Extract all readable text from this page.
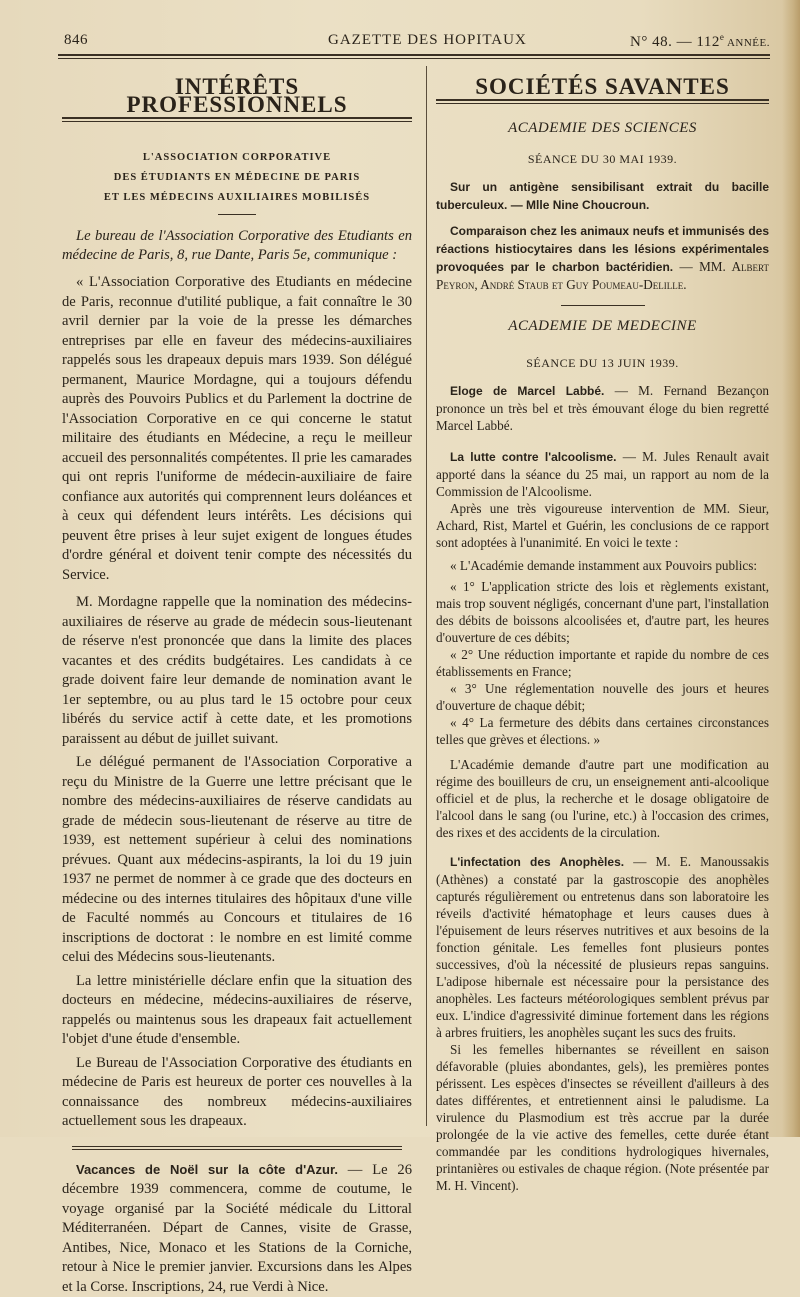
846	GAZETTE DES HOPITAUX	N° 48. — 112e ANNÉE.
INTÉRÊTS PROFESSIONNELS
L'ASSOCIATION CORPORATIVE
DES ÉTUDIANTS EN MÉDECINE DE PARIS
ET LES MÉDECINS AUXILIAIRES MOBILISÉS

Le bureau de l'Association Corporative des Etudiants en médecine de Paris, 8, rue Dante, Paris 5e, communique :

« L'Association Corporative des Etudiants en médecine de Paris, reconnue d'utilité publique, a fait connaître le 30 avril dernier par la voie de la presse les démarches entreprises par elle en faveur des médecins-auxiliaires rappelés sous les drapeaux depuis mars 1939. Son délégué permanent, Maurice Mordagne, qui a toujours défendu auprès des Pouvoirs Publics et du Parlement la doctrine de l'Association Corporative en ce qui concerne le statut militaire des étudiants en Médecine, a reçu le meilleur accueil des personnalités compétentes. Il prie les camarades qui ont repris l'uniforme de médecin-auxiliaire de faire confiance aux autorités qui comprennent leurs doléances et à ceux qui défendent leurs intérêts. Les décisions qui peuvent être prises à leur sujet exigent de longues études d'ordre général et doivent tenir compte des nécessités du Service.

M. Mordagne rappelle que la nomination des médecins-auxiliaires de réserve au grade de médecin sous-lieutenant de réserve n'est prononcée que dans la limite des places vacantes et des crédits budgétaires. Les candidats à ce grade doivent faire leur demande de nomination avant le 1er septembre, ou au plus tard le 15 octobre pour ceux libérés du service actif à cette date, et les promotions paraissent au début de juillet suivant.

Le délégué permanent de l'Association Corporative a reçu du Ministre de la Guerre une lettre précisant que le nombre des médecins-auxiliaires de réserve candidats au grade de médecin sous-lieutenant de réserve au titre de 1939, est nettement supérieur à celui des nominations prévues. Quant aux médecins-aspirants, la loi du 19 juin 1937 ne permet de nommer à ce grade que des docteurs en médecine ou des internes titulaires des hôpitaux d'une ville de Faculté nommés au Concours et titulaires de 16 inscriptions de doctorat : le nombre en est limité comme celui des Médecins sous-lieutenants.

La lettre ministérielle déclare enfin que la situation des docteurs en médecine, médecins-auxiliaires de réserve, rappelés ou maintenus sous les drapeaux fait actuellement l'objet d'une étude d'ensemble.

Le Bureau de l'Association Corporative des étudiants en médecine de Paris est heureux de porter ces nouvelles à la connaissance des nombreux médecins-auxiliaires actuellement sous les drapeaux.

Vacances de Noël sur la côte d'Azur. — Le 26 décembre 1939 commencera, comme de coutume, le voyage organisé par la Société médicale du Littoral Méditerranéen. Départ de Cannes, visite de Grasse, Antibes, Nice, Monaco et les Stations de la Corniche, retour à Nice le premier janvier. Excursions dans les Alpes et la Corse. Inscriptions, 24, rue Verdi à Nice.

SOCIÉTÉS SAVANTES
ACADEMIE DES SCIENCES
SÉANCE DU 30 MAI 1939.

Sur un antigène sensibilisant extrait du bacille tuberculeux. — Mlle Nine Choucroun.

Comparaison chez les animaux neufs et immunisés des réactions histiocytaires dans les lésions expérimentales provoquées par le charbon bactéridien. — MM. Albert Peyron, André Staub et Guy Poumeau-Delille.

ACADEMIE DE MEDECINE
SÉANCE DU 13 JUIN 1939.

Eloge de Marcel Labbé. — M. Fernand Bezançon prononce un très bel et très émouvant éloge du bien regretté Marcel Labbé.

La lutte contre l'alcoolisme. — M. Jules Renault avait apporté dans la séance du 25 mai, un rapport au nom de la Commission de l'Alcoolisme.

Après une très vigoureuse intervention de MM. Sieur, Achard, Rist, Martel et Guérin, les conclusions de ce rapport sont adoptées à l'unanimité. En voici le texte :

« L'Académie demande instamment aux Pouvoirs publics:

« 1° L'application stricte des lois et règlements existant, mais trop souvent négligés, concernant d'une part, l'installation des débits de boissons alcoolisées et, d'autre part, les heures d'ouverture de ces débits;

« 2° Une réduction importante et rapide du nombre de ces établissements en France;

« 3° Une réglementation nouvelle des jours et heures d'ouverture de chaque débit;

« 4° La fermeture des débits dans certaines circonstances telles que grèves et élections. »

L'Académie demande d'autre part une modification au régime des bouilleurs de cru, un enseignement anti-alcoolique officiel et de plus, la recherche et le dosage obligatoire de l'alcool dans le sang (ou l'urine, etc.) à l'occasion des crimes, des rixes et des accidents de la circulation.

L'infectation des Anophèles. — M. E. Manoussakis (Athènes) a constaté par la gastroscopie des anophèles capturés régulièrement ou entretenus dans son laboratoire les réveils d'activité hématophage et leurs causes dues à l'épuisement de leurs réserves nutritives et aux besoins de la fonction génitale. Les femelles font plusieurs pontes successives, d'où la nécessité de plusieurs repas sanguins. L'adipose hibernale est nécessaire pour la persistance des anophèles. Les facteurs météorologiques semblent prévus par eux. L'indice d'agressivité diminue fortement dans les régions à arbres fruitiers, les anophèles suçant les sucs des fruits.

Si les femelles hibernantes se réveillent en saison défavorable (pluies abondantes, gels), les premières pontes périssent. Les espèces d'insectes se réveillent d'ailleurs à des dates différentes, et entretiennent ainsi le paludisme. La virulence du Plasmodium est très accrue par la durée prolongée de la vie active des femelles, cette durée étant commandée par les conditions hydrologiques hivernales, printanières ou estivales de chaque région. (Note présentée par M. H. Vincent).
